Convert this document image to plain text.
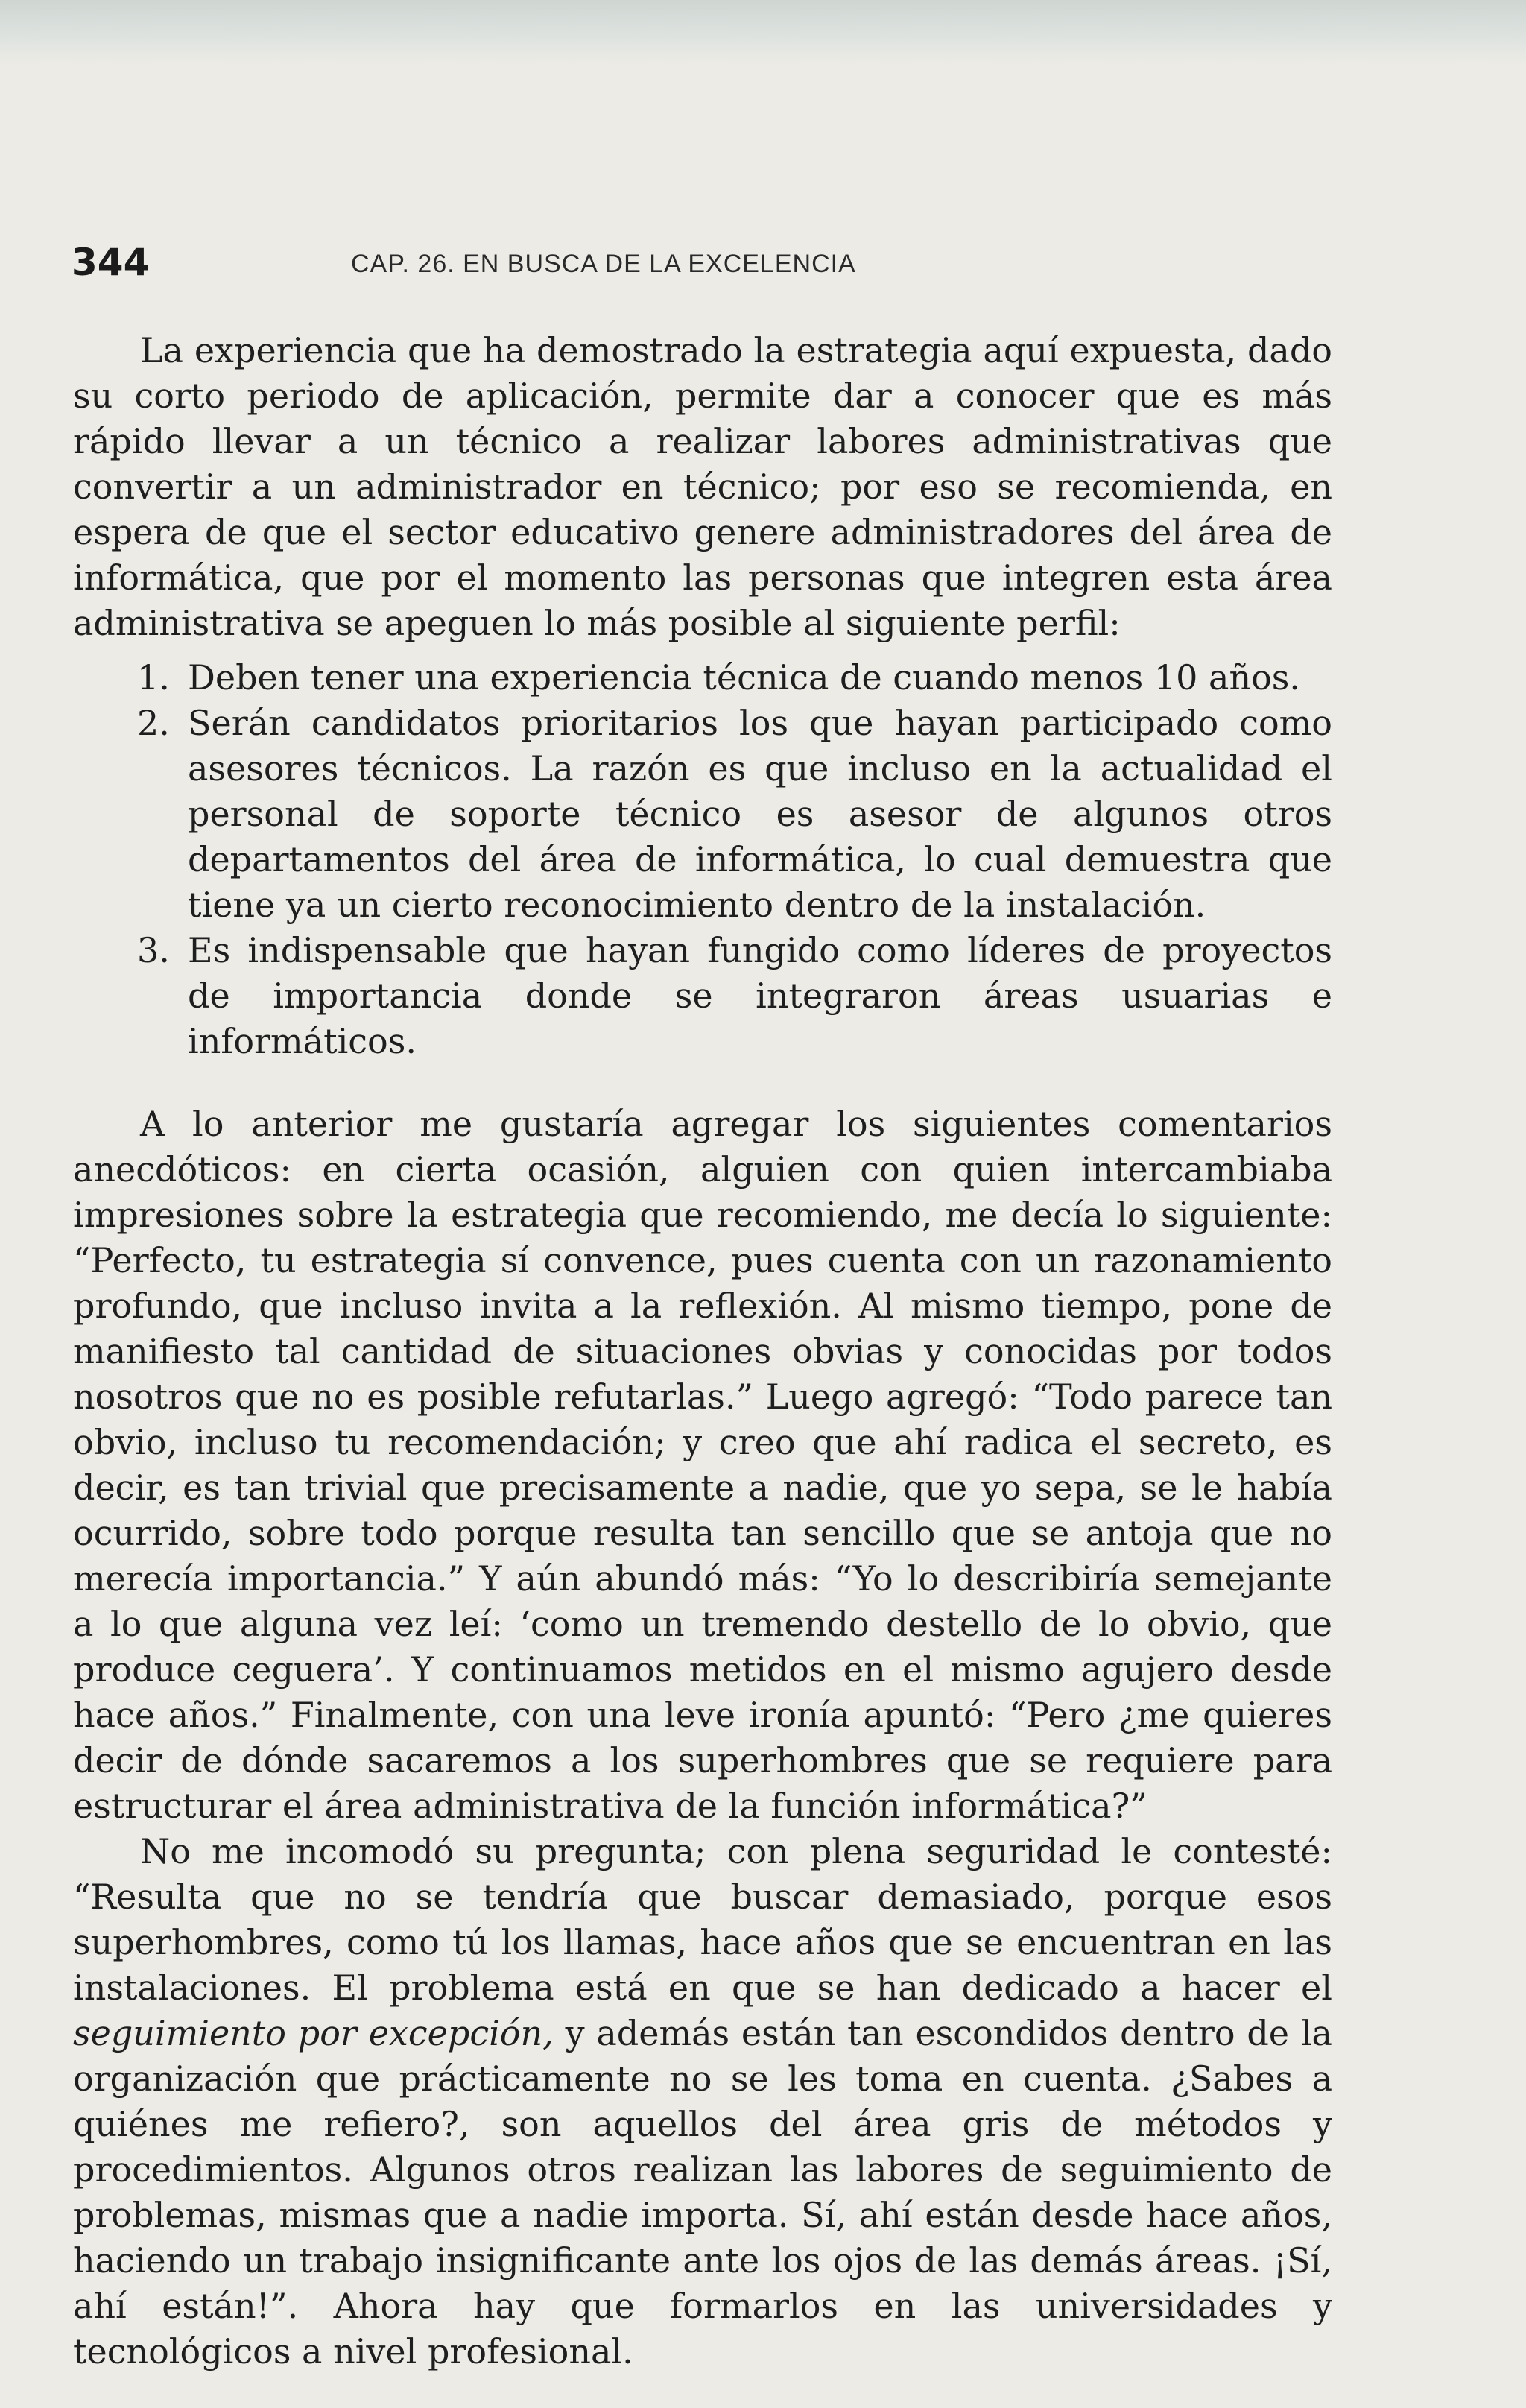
344	CAP. 26. EN BUSCA DE LA EXCELENCIA

La experiencia que ha demostrado la estrategia aquí expuesta, dado su corto periodo de aplicación, permite dar a conocer que es más rápido llevar a un técnico a realizar labores administrativas que convertir a un administrador en técnico; por eso se recomienda, en espera de que el sector educativo genere administradores del área de informática, que por el momento las personas que integren esta área administrativa se apeguen lo más posible al siguiente perfil:

1. Deben tener una experiencia técnica de cuando menos 10 años.
2. Serán candidatos prioritarios los que hayan participado como asesores técnicos. La razón es que incluso en la actualidad el personal de soporte técnico es asesor de algunos otros departamentos del área de informática, lo cual demuestra que tiene ya un cierto reconocimiento dentro de la instalación.
3. Es indispensable que hayan fungido como líderes de proyectos de importancia donde se integraron áreas usuarias e informáticos.

A lo anterior me gustaría agregar los siguientes comentarios anecdóticos: en cierta ocasión, alguien con quien intercambiaba impresiones sobre la estrategia que recomiendo, me decía lo siguiente: “Perfecto, tu estrategia sí convence, pues cuenta con un razonamiento profundo, que incluso invita a la reflexión. Al mismo tiempo, pone de manifiesto tal cantidad de situaciones obvias y conocidas por todos nosotros que no es posible refutarlas.” Luego agregó: “Todo parece tan obvio, incluso tu recomendación; y creo que ahí radica el secreto, es decir, es tan trivial que precisamente a nadie, que yo sepa, se le había ocurrido, sobre todo porque resulta tan sencillo que se antoja que no merecía importancia.” Y aún abundó más: “Yo lo describiría semejante a lo que alguna vez leí: ‘como un tremendo destello de lo obvio, que produce ceguera’. Y continuamos metidos en el mismo agujero desde hace años.” Finalmente, con una leve ironía apuntó: “Pero ¿me quieres decir de dónde sacaremos a los superhombres que se requiere para estructurar el área administrativa de la función informática?”

No me incomodó su pregunta; con plena seguridad le contesté: “Resulta que no se tendría que buscar demasiado, porque esos superhombres, como tú los llamas, hace años que se encuentran en las instalaciones. El problema está en que se han dedicado a hacer el seguimiento por excepción, y además están tan escondidos dentro de la organización que prácticamente no se les toma en cuenta. ¿Sabes a quiénes me refiero?, son aquellos del área gris de métodos y procedimientos. Algunos otros realizan las labores de seguimiento de problemas, mismas que a nadie importa. Sí, ahí están desde hace años, haciendo un trabajo insignificante ante los ojos de las demás áreas. ¡Sí, ahí están!”. Ahora hay que formarlos en las universidades y tecnológicos a nivel profesional.
